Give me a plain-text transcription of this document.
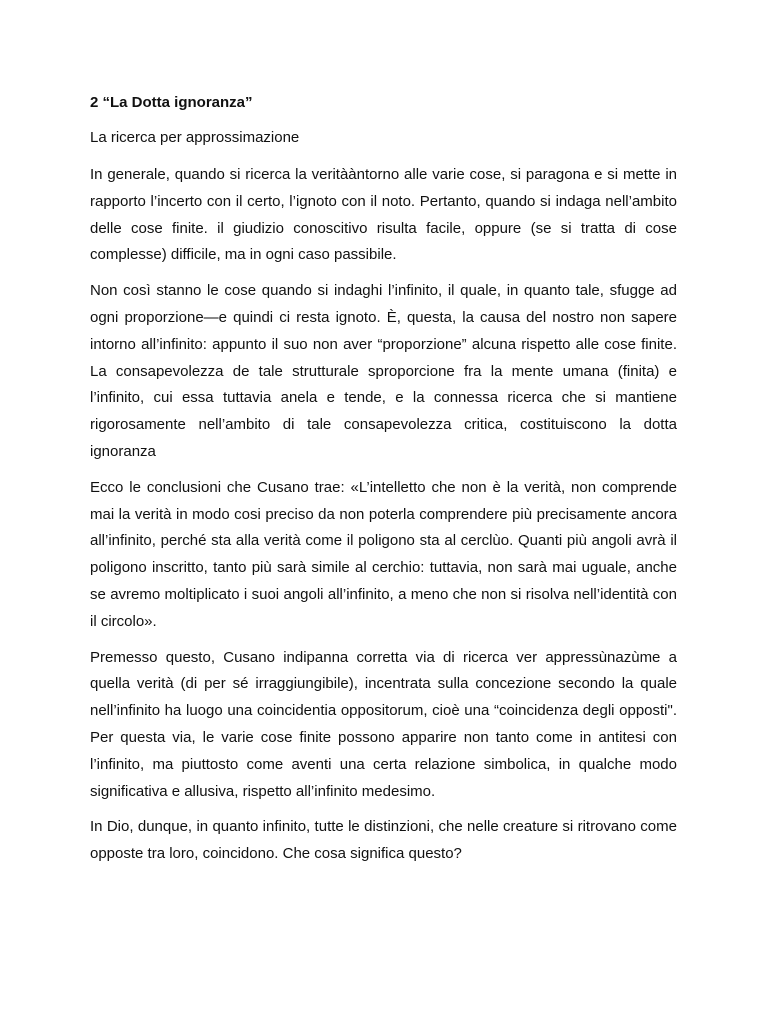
2 “La Dotta ignoranza”
La ricerca per approssimazione

In generale, quando si ricerca la veritààntorno alle varie cose, si paragona e si mette in rapporto l’incerto con il certo, l’ignoto con il noto. Pertanto, quando si indaga nell’ambito delle cose finite. il giudizio conoscitivo risulta facile, oppure (se si tratta di cose complesse) difficile, ma in ogni caso passibile.

Non così stanno le cose quando si indaghi l’infinito, il quale, in quanto tale, sfugge ad ogni proporzione—e quindi ci resta ignoto. È, questa, la causa del nostro non sapere intorno all’infinito: appunto il suo non aver “proporzione” alcuna rispetto alle cose finite. La consapevolezza de tale strutturale sproporcione fra la mente umana (finita) e l’infinito, cui essa tuttavia anela e tende, e la connessa ricerca che si mantiene rigorosamente nell’ambito di tale consapevolezza critica, costituiscono la dotta ignoranza

Ecco le conclusioni che Cusano trae: «L’intelletto che non è la verità, non comprende mai la verità in modo cosi preciso da non poterla comprendere più precisamente ancora all’infinito, perché sta alla verità come il poligono sta al cerclùo. Quanti più angoli avrà il poligono inscritto, tanto più sarà simile al cerchio: tuttavia, non sarà mai uguale, anche se avremo moltiplicato i suoi angoli all’infinito, a meno che non si risolva nell’identità con il circolo».

Premesso questo, Cusano indipanna corretta via di ricerca ver appressùnazùme a quella verità (di per sé irraggiungibile), incentrata sulla concezione secondo la quale nell’infinito ha luogo una coincidentia oppositorum, cioè una “coincidenza degli opposti". Per questa via, le varie cose finite possono apparire non tanto come in antitesi con l’infinito, ma piuttosto come aventi una certa relazione simbolica, in qualche modo significativa e allusiva, rispetto all’infinito medesimo.

In Dio, dunque, in quanto infinito, tutte le distinzioni, che nelle creature si ritrovano come opposte tra loro, coincidono. Che cosa significa questo?
